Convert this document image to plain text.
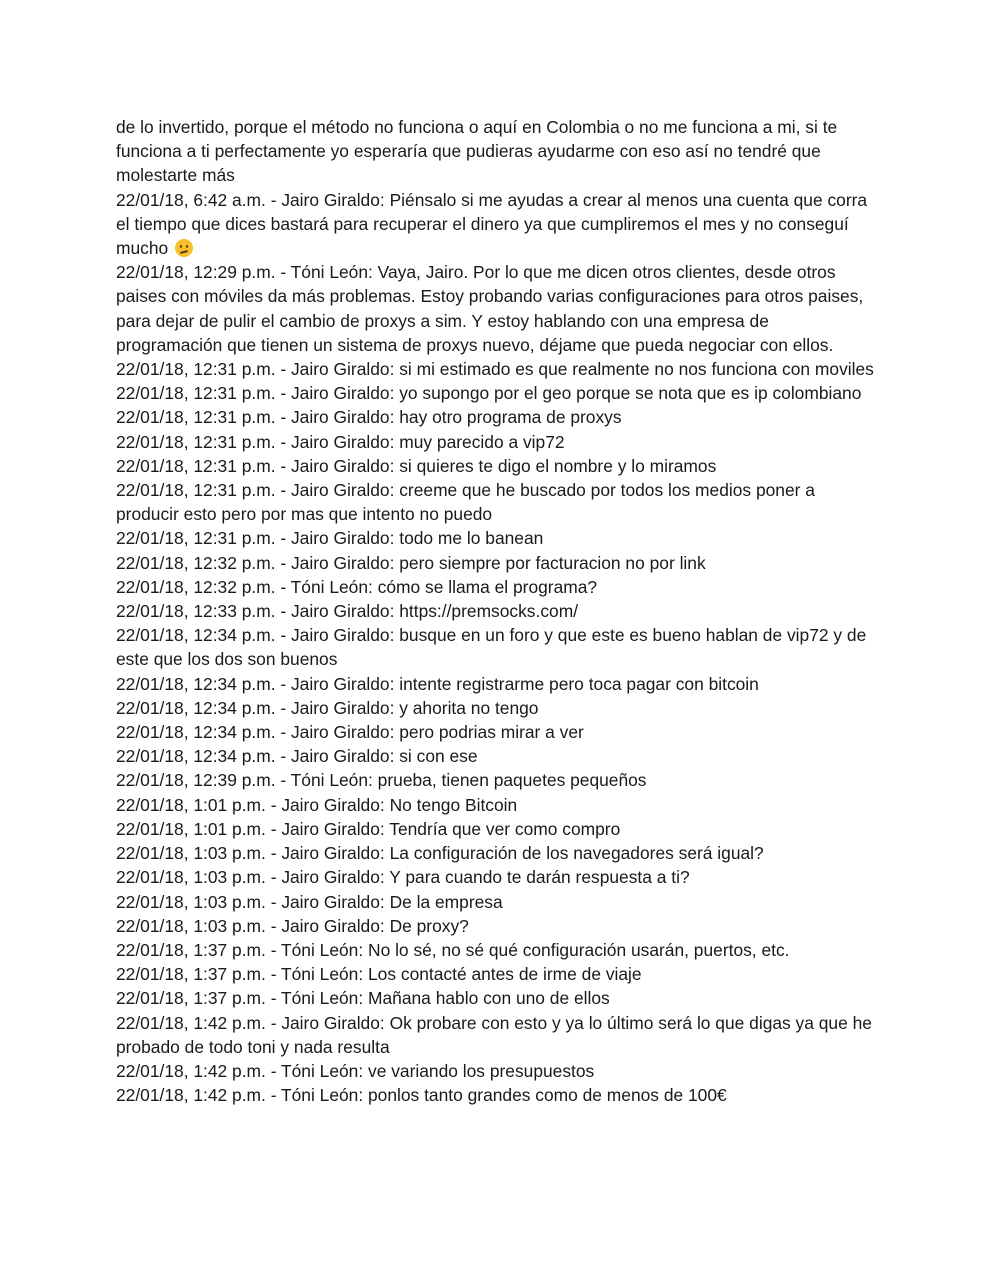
de lo invertido, porque el método no funciona o aquí en Colombia o no me funciona a mi, si te funciona a ti perfectamente yo esperaría que pudieras ayudarme con eso así no tendré que molestarte más

22/01/18, 6:42 a.m. - Jairo Giraldo: Piénsalo si me ayudas a crear al menos una cuenta que corra el tiempo que dices bastará para recuperar el dinero ya que cumpliremos el mes y no conseguí mucho

22/01/18, 12:29 p.m. - Tóni León: Vaya, Jairo. Por lo que me dicen otros clientes, desde otros paises con móviles da más problemas. Estoy probando varias configuraciones para otros paises, para dejar de pulir el cambio de proxys a sim. Y estoy hablando con una empresa de programación que tienen un sistema de proxys nuevo, déjame que pueda negociar con ellos.

22/01/18, 12:31 p.m. - Jairo Giraldo: si mi estimado es que realmente no nos funciona con moviles

22/01/18, 12:31 p.m. - Jairo Giraldo: yo supongo por el geo porque se nota que es ip colombiano

22/01/18, 12:31 p.m. - Jairo Giraldo: hay otro programa de proxys

22/01/18, 12:31 p.m. - Jairo Giraldo: muy parecido a vip72

22/01/18, 12:31 p.m. - Jairo Giraldo: si quieres te digo el nombre y lo miramos

22/01/18, 12:31 p.m. - Jairo Giraldo: creeme que he buscado por todos los medios poner a producir esto pero por mas que intento no puedo

22/01/18, 12:31 p.m. - Jairo Giraldo: todo me lo banean

22/01/18, 12:32 p.m. - Jairo Giraldo: pero siempre por facturacion no por link

22/01/18, 12:32 p.m. - Tóni León: cómo se llama el programa?

22/01/18, 12:33 p.m. - Jairo Giraldo: https://premsocks.com/

22/01/18, 12:34 p.m. - Jairo Giraldo: busque en un foro y que este es bueno hablan de vip72 y de este que los dos son buenos

22/01/18, 12:34 p.m. - Jairo Giraldo: intente registrarme pero toca pagar con bitcoin

22/01/18, 12:34 p.m. - Jairo Giraldo: y ahorita no tengo

22/01/18, 12:34 p.m. - Jairo Giraldo: pero podrias mirar a ver

22/01/18, 12:34 p.m. - Jairo Giraldo: si con ese

22/01/18, 12:39 p.m. - Tóni León: prueba, tienen paquetes pequeños

22/01/18, 1:01 p.m. - Jairo Giraldo: No tengo Bitcoin

22/01/18, 1:01 p.m. - Jairo Giraldo: Tendría que ver como compro

22/01/18, 1:03 p.m. - Jairo Giraldo: La configuración de los navegadores será igual?

22/01/18, 1:03 p.m. - Jairo Giraldo: Y para cuando te darán respuesta a ti?

22/01/18, 1:03 p.m. - Jairo Giraldo: De la empresa

22/01/18, 1:03 p.m. - Jairo Giraldo: De proxy?

22/01/18, 1:37 p.m. - Tóni León: No lo sé, no sé qué configuración usarán, puertos, etc.

22/01/18, 1:37 p.m. - Tóni León: Los contacté antes de irme de viaje

22/01/18, 1:37 p.m. - Tóni León: Mañana hablo con uno de ellos

22/01/18, 1:42 p.m. - Jairo Giraldo: Ok probare con esto y ya lo último será lo que digas ya que he probado de todo toni y nada resulta

22/01/18, 1:42 p.m. - Tóni León: ve variando los presupuestos

22/01/18, 1:42 p.m. - Tóni León: ponlos tanto grandes como de menos de 100€
